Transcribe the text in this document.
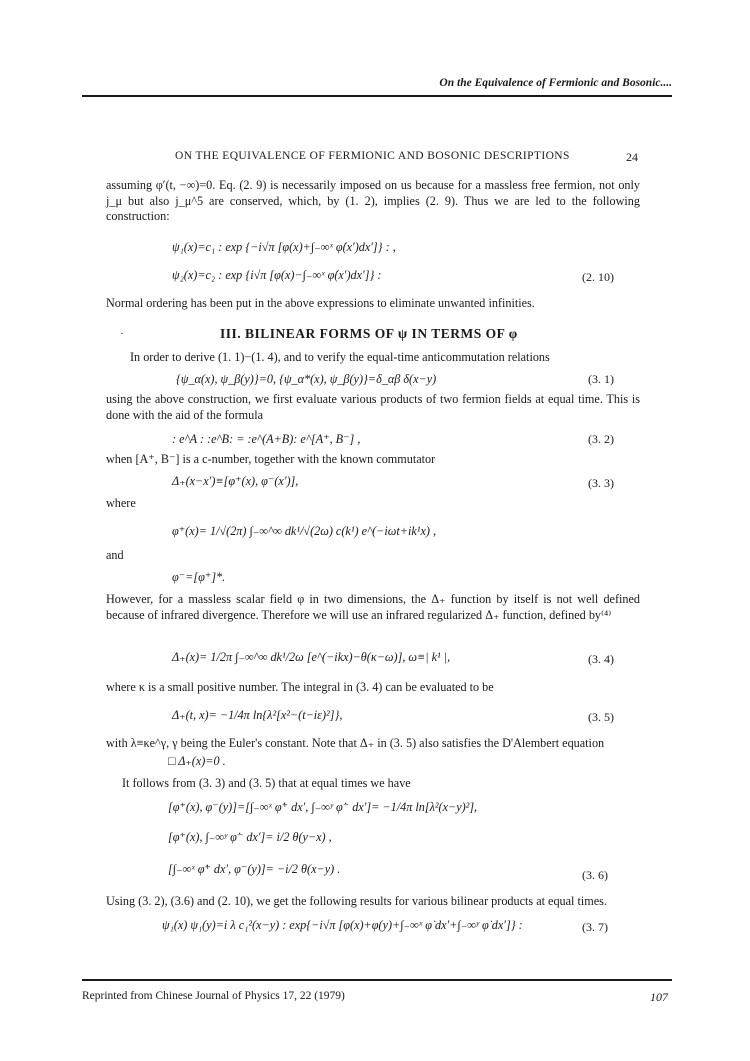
On the Equivalence of Fermionic and Bosonic....
ON THE EQUIVALENCE OF FERMIONIC AND BOSONIC DESCRIPTIONS	24
assuming φ′(t, −∞)=0. Eq. (2. 9) is necessarily imposed on us because for a massless free fermion, not only j_μ but also j_μ^5 are conserved, which, by (1. 2), implies (2. 9). Thus we are led to the following construction:
ψ₁(x)=c₁ : exp {−i√π [φ(x)+∫₋∞ˣ φ̇(x′)dx′]} : ,
ψ₂(x)=c₂ : exp {i√π [φ(x)−∫₋∞ˣ φ̇(x′)dx′]} :	(2. 10)
Normal ordering has been put in the above expressions to eliminate unwanted infinities.
·	III. BILINEAR FORMS OF ψ IN TERMS OF φ
In order to derive (1. 1)−(1. 4), and to verify the equal-time anticommutation relations
{ψ_α(x), ψ_β(y)}=0, {ψ_α*(x), ψ_β(y)}=δ_αβ δ(x−y)	(3. 1)
using the above construction, we first evaluate various products of two fermion fields at equal time. This is done with the aid of the formula
: e^A : :e^B: = :e^(A+B): e^[A⁺, B⁻] ,	(3. 2)
when [A⁺, B⁻] is a c-number, together with the known commutator
Δ₊(x−x′)≡[φ⁺(x), φ⁻(x′)],	(3. 3)
where
φ⁺(x)= 1/√(2π) ∫₋∞^∞ dk¹/√(2ω) c(k¹) e^(−iωt+ik¹x) ,
and
φ⁻=[φ⁺]*.
However, for a massless scalar field φ in two dimensions, the Δ₊ function by itself is not well defined because of infrared divergence. Therefore we will use an infrared regularized Δ₊ function, defined by⁽⁴⁾
Δ₊(x)= 1/2π ∫₋∞^∞ dk¹/2ω [e^(−ikx)−θ(κ−ω)], ω≡| k¹ |,	(3. 4)
where κ is a small positive number. The integral in (3. 4) can be evaluated to be
Δ₊(t, x)= −1/4π ln{λ²[x²−(t−iε)²]},	(3. 5)
with λ≡κe^γ, γ being the Euler's constant. Note that Δ₊ in (3. 5) also satisfies the D'Alembert equation
□ Δ₊(x)=0 .
It follows from (3. 3) and (3. 5) that at equal times we have
[φ⁺(x), φ⁻(y)]=[∫₋∞ˣ φ̇⁺ dx′, ∫₋∞ʸ φ̇⁻ dx′]= −1/4π ln[λ²(x−y)²],
[φ⁺(x), ∫₋∞ʸ φ̇⁻ dx′]= i/2 θ(y−x) ,
[∫₋∞ˣ φ̇⁺ dx′, φ⁻(y)]= −i/2 θ(x−y) .	(3. 6)
Using (3. 2), (3.6) and (2. 10), we get the following results for various bilinear products at equal times.
ψ₁(x) ψ₁(y)=i λ c₁²(x−y) : exp{−i√π [φ(x)+φ(y)+∫₋∞ˣ φ̇ dx′+∫₋∞ʸ φ̇ dx′]} :	(3. 7)
Reprinted from Chinese Journal of Physics 17, 22 (1979)	107
